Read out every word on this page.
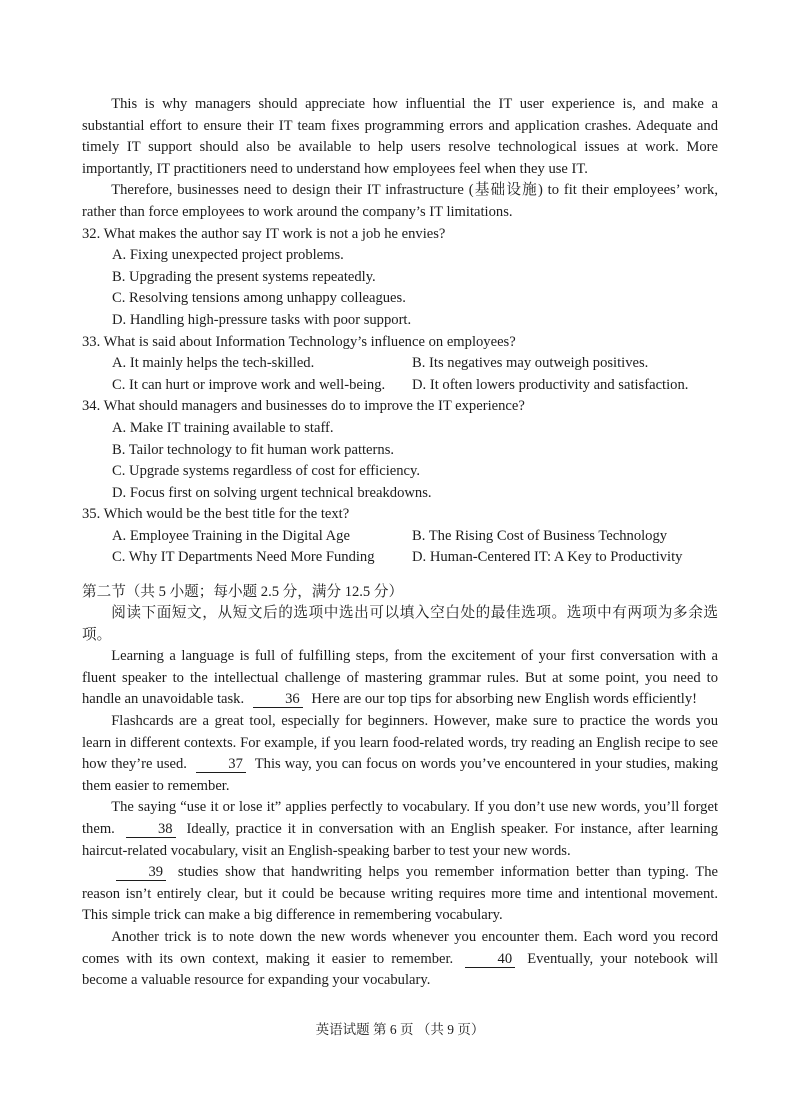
This is why managers should appreciate how influential the IT user experience is, and make a substantial effort to ensure their IT team fixes programming errors and application crashes. Adequate and timely IT support should also be available to help users resolve technological issues at work. More importantly, IT practitioners need to understand how employees feel when they use IT.

Therefore, businesses need to design their IT infrastructure (基础设施) to fit their employees’ work, rather than force employees to work around the company’s IT limitations.

32. What makes the author say IT work is not a job he envies?

A. Fixing unexpected project problems.

B. Upgrading the present systems repeatedly.

C. Resolving tensions among unhappy colleagues.

D. Handling high-pressure tasks with poor support.

33. What is said about Information Technology’s influence on employees?

A. It mainly helps the tech-skilled.	B. Its negatives may outweigh positives.
C. It can hurt or improve work and well-being.	D. It often lowers productivity and satisfaction.

34. What should managers and businesses do to improve the IT experience?

A. Make IT training available to staff.

B. Tailor technology to fit human work patterns.

C. Upgrade systems regardless of cost for efficiency.

D. Focus first on solving urgent technical breakdowns.

35. Which would be the best title for the text?

A. Employee Training in the Digital Age	B. The Rising Cost of Business Technology
C. Why IT Departments Need More Funding	D. Human-Centered IT: A Key to Productivity

第二节（共 5 小题；每小题 2.5 分，满分 12.5 分）

阅读下面短文，从短文后的选项中选出可以填入空白处的最佳选项。选项中有两项为多余选项。

Learning a language is full of fulfilling steps, from the excitement of your first conversation with a fluent speaker to the intellectual challenge of mastering grammar rules. But at some point, you need to handle an unavoidable task.	36 Here are our top tips for absorbing new English words efficiently!

Flashcards are a great tool, especially for beginners. However, make sure to practice the words you learn in different contexts. For example, if you learn food-related words, try reading an English recipe to see how they’re used.	37 This way, you can focus on words you’ve encountered in your studies, making them easier to remember.

The saying “use it or lose it” applies perfectly to vocabulary. If you don’t use new words, you’ll forget them.	38 Ideally, practice it in conversation with an English speaker. For instance, after learning haircut-related vocabulary, visit an English-speaking barber to test your new words.

39 studies show that handwriting helps you remember information better than typing. The reason isn’t entirely clear, but it could be because writing requires more time and intentional movement. This simple trick can make a big difference in remembering vocabulary.

Another trick is to note down the new words whenever you encounter them. Each word you record comes with its own context, making it easier to remember.	40 Eventually, your notebook will become a valuable resource for expanding your vocabulary.

英语试题 第 6 页 （共 9 页）
